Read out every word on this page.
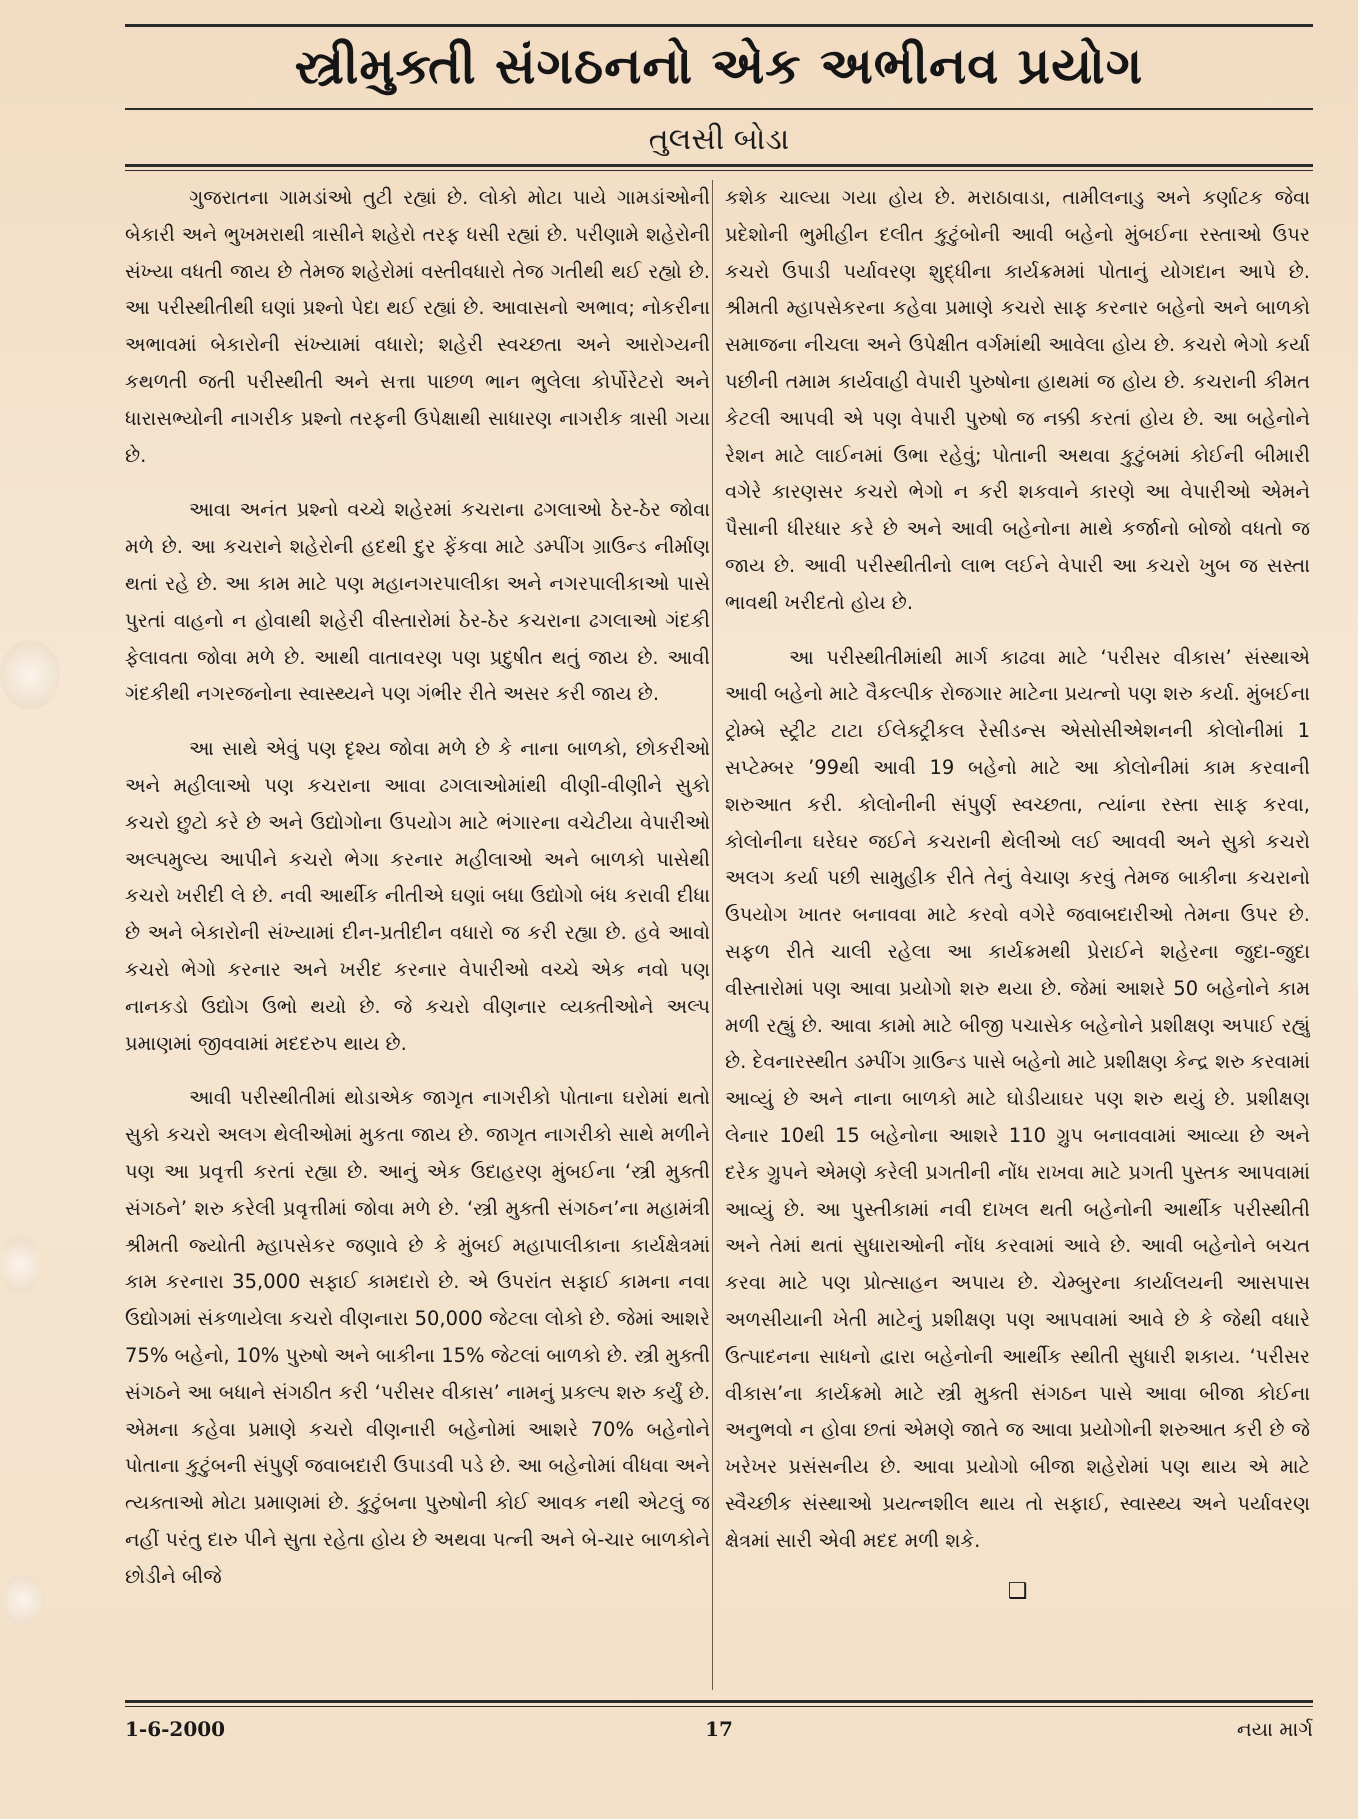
સ્ત્રીમુક્તી સંગઠનનો એક અભીનવ પ્રયોગ
તુલસી બોડા

ગુજરાતના ગામડાંઓ તુટી રહ્યાં છે. લોકો મોટા પાયે ગામડાંઓની બેકારી અને ભુખમરાથી ત્રાસીને શહેરો તરફ ધસી રહ્યાં છે. પરીણામે શહેરોની સંખ્યા વધતી જાય છે તેમજ શહેરોમાં વસ્તીવધારો તેજ ગતીથી થઈ રહ્યો છે. આ પરીસ્થીતીથી ઘણાં પ્રશ્નો પેદા થઈ રહ્યાં છે. આવાસનો અભાવ; નોકરીના અભાવમાં બેકારોની સંખ્યામાં વધારો; શહેરી સ્વચ્છતા અને આરોગ્યની કથળતી જતી પરીસ્થીતી અને સત્તા પાછળ ભાન ભુલેલા કોર્પોરેટરો અને ધારાસભ્યોની નાગરીક પ્રશ્નો તરફની ઉપેક્ષાથી સાધારણ નાગરીક ત્રાસી ગયા છે.

આવા અનંત પ્રશ્નો વચ્ચે શહેરમાં કચરાના ઢગલાઓ ઠેર-ઠેર જોવા મળે છે. આ કચરાને શહેરોની હદથી દુર ફેંકવા માટે ડમ્પીંગ ગ્રાઉન્ડ નીર્માણ થતાં રહે છે. આ કામ માટે પણ મહાનગરપાલીકા અને નગરપાલીકાઓ પાસે પુરતાં વાહનો ન હોવાથી શહેરી વીસ્તારોમાં ઠેર-ઠેર કચરાના ઢગલાઓ ગંદકી ફેલાવતા જોવા મળે છે. આથી વાતાવરણ પણ પ્રદુષીત થતું જાય છે. આવી ગંદકીથી નગરજનોના સ્વાસ્થ્યને પણ ગંભીર રીતે અસર કરી જાય છે.

આ સાથે એવું પણ દૃશ્ય જોવા મળે છે કે નાના બાળકો, છોકરીઓ અને મહીલાઓ પણ કચરાના આવા ઢગલાઓમાંથી વીણી-વીણીને સુકો કચરો છુટો કરે છે અને ઉદ્યોગોના ઉપયોગ માટે ભંગારના વચેટીયા વેપારીઓ અલ્પમુલ્ય આપીને કચરો ભેગા કરનાર મહીલાઓ અને બાળકો પાસેથી કચરો ખરીદી લે છે. નવી આર્થીક નીતીએ ઘણાં બધા ઉદ્યોગો બંધ કરાવી દીધા છે અને બેકારોની સંખ્યામાં દીન-પ્રતીદીન વધારો જ કરી રહ્યા છે. હવે આવો કચરો ભેગો કરનાર અને ખરીદ કરનાર વેપારીઓ વચ્ચે એક નવો પણ નાનકડો ઉદ્યોગ ઉભો થયો છે. જે કચરો વીણનાર વ્યક્તીઓને અલ્પ પ્રમાણમાં જીવવામાં મદદરુપ થાય છે.

આવી પરીસ્થીતીમાં થોડાએક જાગૃત નાગરીકો પોતાના ઘરોમાં થતો સુકો કચરો અલગ થેલીઓમાં મુકતા જાય છે. જાગૃત નાગરીકો સાથે મળીને પણ આ પ્રવૃત્તી કરતાં રહ્યા છે. આનું એક ઉદાહરણ મુંબઈના ‘સ્ત્રી મુક્તી સંગઠને’ શરુ કરેલી પ્રવૃત્તીમાં જોવા મળે છે. ‘સ્ત્રી મુક્તી સંગઠન’ના મહામંત્રી શ્રીમતી જ્યોતી મ્હાપસેકર જણાવે છે કે મુંબઈ મહાપાલીકાના કાર્યક્ષેત્રમાં કામ કરનારા 35,000 સફાઈ કામદારો છે. એ ઉપરાંત સફાઈ કામના નવા ઉદ્યોગમાં સંકળાયેલા કચરો વીણનારા 50,000 જેટલા લોકો છે. જેમાં આશરે 75% બહેનો, 10% પુરુષો અને બાકીના 15% જેટલાં બાળકો છે. સ્ત્રી મુક્તી સંગઠને આ બધાને સંગઠીત કરી ‘પરીસર વીકાસ’ નામનું પ્રકલ્પ શરુ કર્યું છે. એમના કહેવા પ્રમાણે કચરો વીણનારી બહેનોમાં આશરે 70% બહેનોને પોતાના કુટુંબની સંપુર્ણ જવાબદારી ઉપાડવી પડે છે. આ બહેનોમાં વીધવા અને ત્યક્તાઓ મોટા પ્રમાણમાં છે. કુટુંબના પુરુષોની કોઈ આવક નથી એટલું જ નહીં પરંતુ દારુ પીને સુતા રહેતા હોય છે અથવા પત્ની અને બે-ચાર બાળકોને છોડીને બીજે

કશેક ચાલ્યા ગયા હોય છે. મરાઠાવાડા, તામીલનાડુ અને કર્ણાટક જેવા પ્રદેશોની ભુમીહીન દલીત કુટુંબોની આવી બહેનો મુંબઈના રસ્તાઓ ઉપર કચરો ઉપાડી પર્યાવરણ શુદ્ધીના કાર્યક્રમમાં પોતાનું યોગદાન આપે છે. શ્રીમતી મ્હાપસેકરના કહેવા પ્રમાણે કચરો સાફ કરનાર બહેનો અને બાળકો સમાજના નીચલા અને ઉપેક્ષીત વર્ગમાંથી આવેલા હોય છે. કચરો ભેગો કર્યા પછીની તમામ કાર્યવાહી વેપારી પુરુષોના હાથમાં જ હોય છે. કચરાની કીમત કેટલી આપવી એ પણ વેપારી પુરુષો જ નક્કી કરતાં હોય છે. આ બહેનોને રેશન માટે લાઈનમાં ઉભા રહેવું; પોતાની અથવા કુટુંબમાં કોઈની બીમારી વગેરે કારણસર કચરો ભેગો ન કરી શકવાને કારણે આ વેપારીઓ એમને પૈસાની ધીરધાર કરે છે અને આવી બહેનોના માથે કર્જાનો બોજો વધતો જ જાય છે. આવી પરીસ્થીતીનો લાભ લઈને વેપારી આ કચરો ખુબ જ સસ્તા ભાવથી ખરીદતો હોય છે.

આ પરીસ્થીતીમાંથી માર્ગ કાઢવા માટે ‘પરીસર વીકાસ’ સંસ્થાએ આવી બહેનો માટે વૈકલ્પીક રોજગાર માટેના પ્રયત્નો પણ શરુ કર્યા. મુંબઈના ટ્રોમ્બે સ્ટ્રીટ ટાટા ઈલેક્ટ્રીકલ રેસીડન્સ એસોસીએશનની કોલોનીમાં 1 સપ્ટેમ્બર ’99થી આવી 19 બહેનો માટે આ કોલોનીમાં કામ કરવાની શરુઆત કરી. કોલોનીની સંપુર્ણ સ્વચ્છતા, ત્યાંના રસ્તા સાફ કરવા, કોલોનીના ઘરેઘર જઈને કચરાની થેલીઓ લઈ આવવી અને સુકો કચરો અલગ કર્યા પછી સામુહીક રીતે તેનું વેચાણ કરવું તેમજ બાકીના કચરાનો ઉપયોગ ખાતર બનાવવા માટે કરવો વગેરે જવાબદારીઓ તેમના ઉપર છે. સફળ રીતે ચાલી રહેલા આ કાર્યક્રમથી પ્રેરાઈને શહેરના જુદા-જુદા વીસ્તારોમાં પણ આવા પ્રયોગો શરુ થયા છે. જેમાં આશરે 50 બહેનોને કામ મળી રહ્યું છે. આવા કામો માટે બીજી પચાસેક બહેનોને પ્રશીક્ષણ અપાઈ રહ્યું છે. દેવનારસ્થીત ડમ્પીંગ ગ્રાઉન્ડ પાસે બહેનો માટે પ્રશીક્ષણ કેન્દ્ર શરુ કરવામાં આવ્યું છે અને નાના બાળકો માટે ઘોડીયાઘર પણ શરુ થયું છે. પ્રશીક્ષણ લેનાર 10થી 15 બહેનોના આશરે 110 ગ્રુપ બનાવવામાં આવ્યા છે અને દરેક ગ્રુપને એમણે કરેલી પ્રગતીની નોંધ રાખવા માટે પ્રગતી પુસ્તક આપવામાં આવ્યું છે. આ પુસ્તીકામાં નવી દાખલ થતી બહેનોની આર્થીક પરીસ્થીતી અને તેમાં થતાં સુધારાઓની નોંધ કરવામાં આવે છે. આવી બહેનોને બચત કરવા માટે પણ પ્રોત્સાહન અપાય છે. ચેમ્બુરના કાર્યાલયની આસપાસ અળસીયાની ખેતી માટેનું પ્રશીક્ષણ પણ આપવામાં આવે છે કે જેથી વધારે ઉત્પાદનના સાધનો દ્વારા બહેનોની આર્થીક સ્થીતી સુધારી શકાય. ‘પરીસર વીકાસ’ના કાર્યક્રમો માટે સ્ત્રી મુક્તી સંગઠન પાસે આવા બીજા કોઈના અનુભવો ન હોવા છતાં એમણે જાતે જ આવા પ્રયોગોની શરુઆત કરી છે જે ખરેખર પ્રસંસનીય છે. આવા પ્રયોગો બીજા શહેરોમાં પણ થાય એ માટે સ્વૈચ્છીક સંસ્થાઓ પ્રયત્નશીલ થાય તો સફાઈ, સ્વાસ્થ્ય અને પર્યાવરણ ક્ષેત્રમાં સારી એવી મદદ મળી શકે.

❑
1-6-2000	17	નયા માર્ગ
